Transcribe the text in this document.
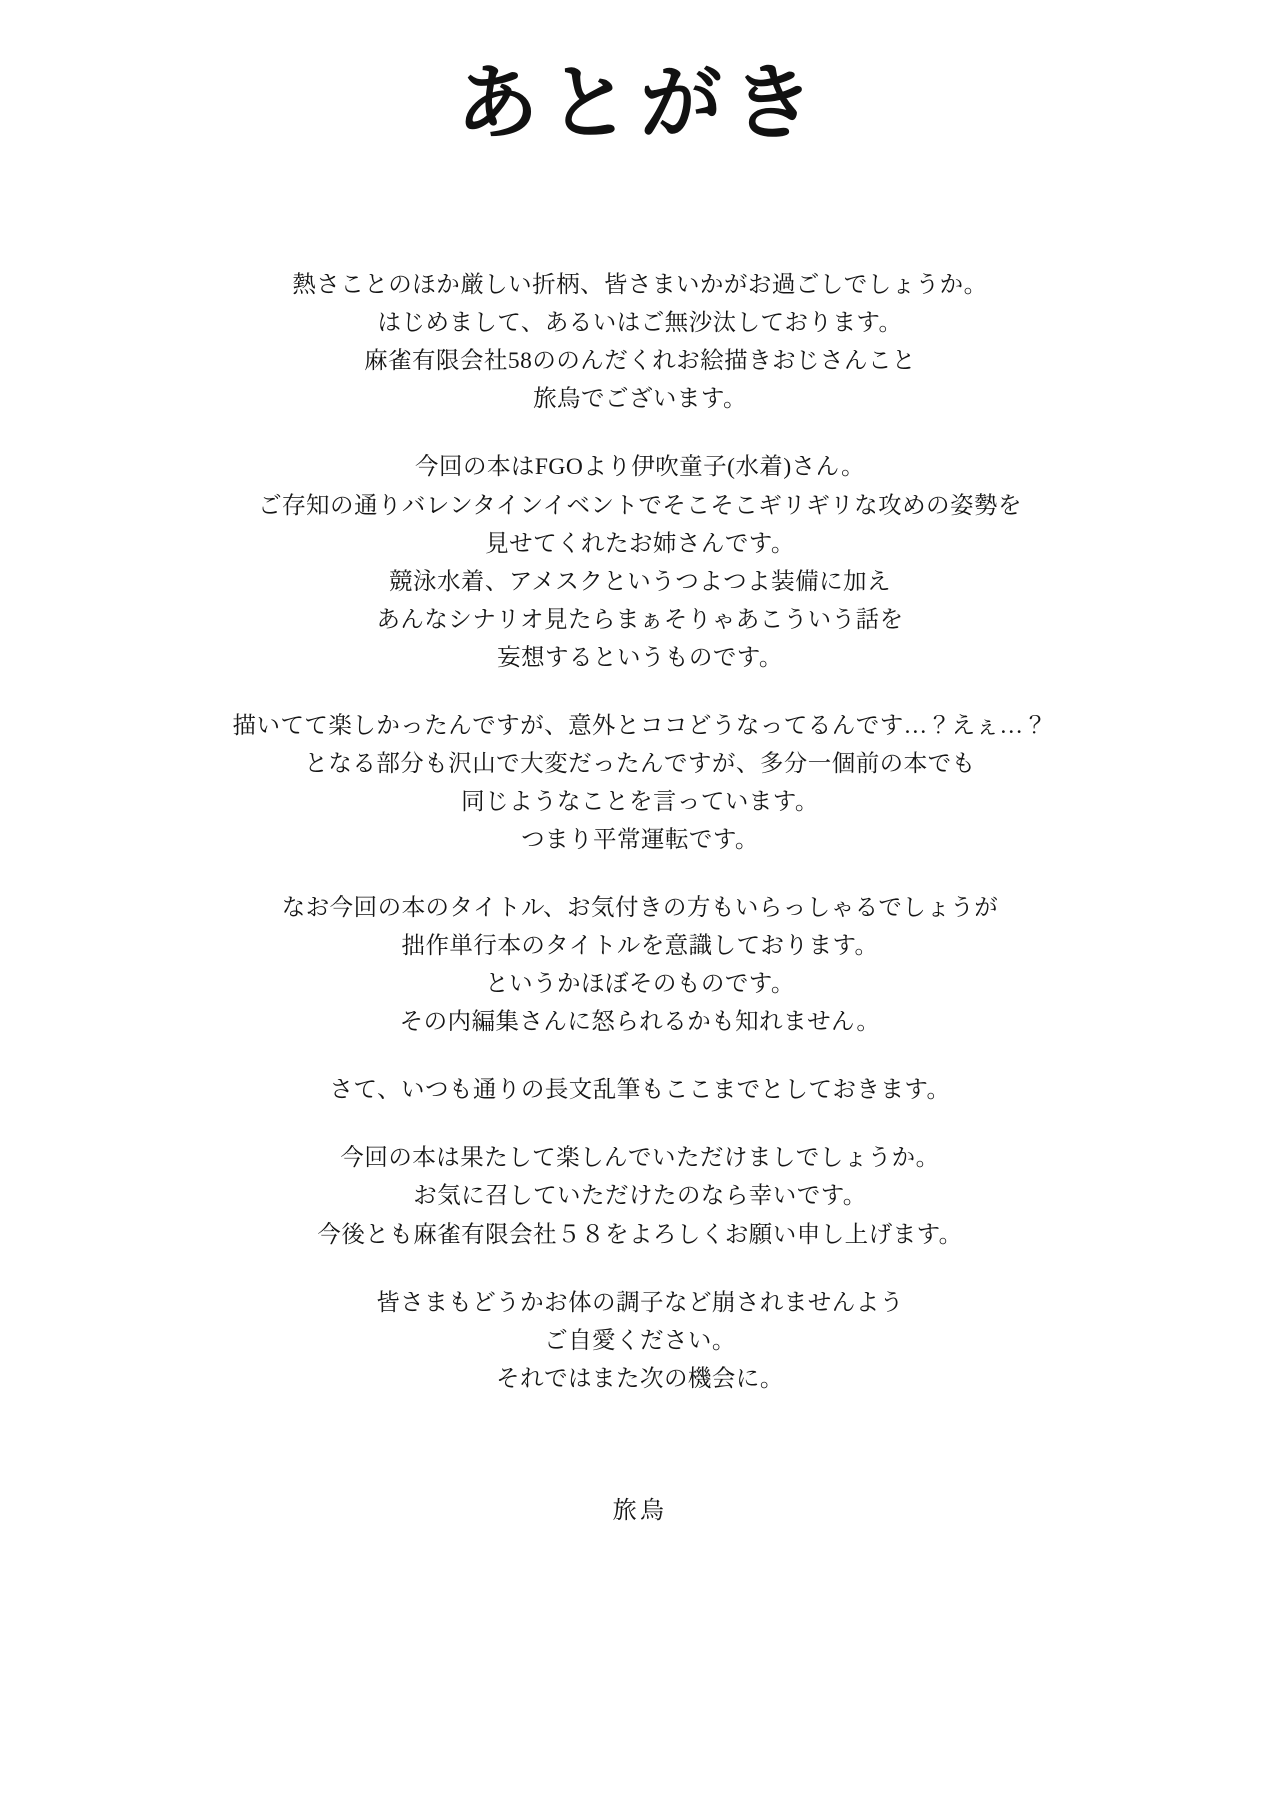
あとがき
熱さことのほか厳しい折柄、皆さまいかがお過ごしでしょうか。
はじめまして、あるいはご無沙汰しております。
麻雀有限会社58ののんだくれお絵描きおじさんこと
旅烏でございます。
今回の本はFGOより伊吹童子(水着)さん。
ご存知の通りバレンタインイベントでそこそこギリギリな攻めの姿勢を
見せてくれたお姉さんです。
競泳水着、アメスクというつよつよ装備に加え
あんなシナリオ見たらまぁそりゃあこういう話を
妄想するというものです。
描いてて楽しかったんですが、意外とココどうなってるんです…？えぇ…？
となる部分も沢山で大変だったんですが、多分一個前の本でも
同じようなことを言っています。
つまり平常運転です。
なお今回の本のタイトル、お気付きの方もいらっしゃるでしょうが
拙作単行本のタイトルを意識しております。
というかほぼそのものです。
その内編集さんに怒られるかも知れません。
さて、いつも通りの長文乱筆もここまでとしておきます。
今回の本は果たして楽しんでいただけましでしょうか。
お気に召していただけたのなら幸いです。
今後とも麻雀有限会社５８をよろしくお願い申し上げます。
皆さまもどうかお体の調子など崩されませんよう
ご自愛ください。
それではまた次の機会に。
旅烏
